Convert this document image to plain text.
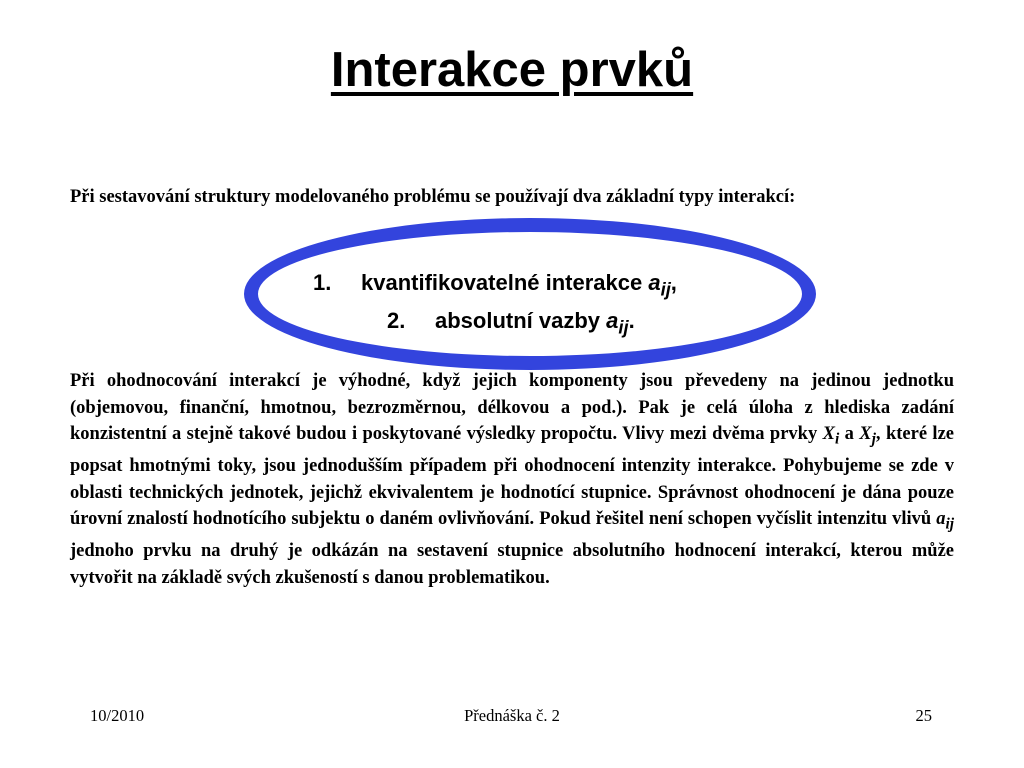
Interakce prvků
Při sestavování struktury modelovaného problému se používají dva základní typy interakcí:
1. kvantifikovatelné interakce $a_{ij}$,
2. absolutní vazby $a_{ij}$.
Při ohodnocování interakcí je výhodné, když jejich komponenty jsou převedeny na jedinou jednotku (objemovou, finanční, hmotnou, bezrozměrnou, délkovou a pod.). Pak je celá úloha z hlediska zadání konzistentní a stejně takové budou i poskytované výsledky propočtu. Vlivy mezi dvěma prvky $X_i$ a $X_j$, které lze popsat hmotnými toky, jsou jednodušším případem při ohodnocení intenzity interakce. Pohybujeme se zde v oblasti technických jednotek, jejichž ekvivalentem je hodnotící stupnice. Správnost ohodnocení je dána pouze úrovní znalostí hodnotícího subjektu o daném ovlivňování. Pokud řešitel není schopen vyčíslit intenzitu vlivů $a_{ij}$ jednoho prvku na druhý je odkázán na sestavení stupnice absolutního hodnocení interakcí, kterou může vytvořit na základě svých zkušeností s danou problematikou.
10/2010	Přednáška č. 2	25
